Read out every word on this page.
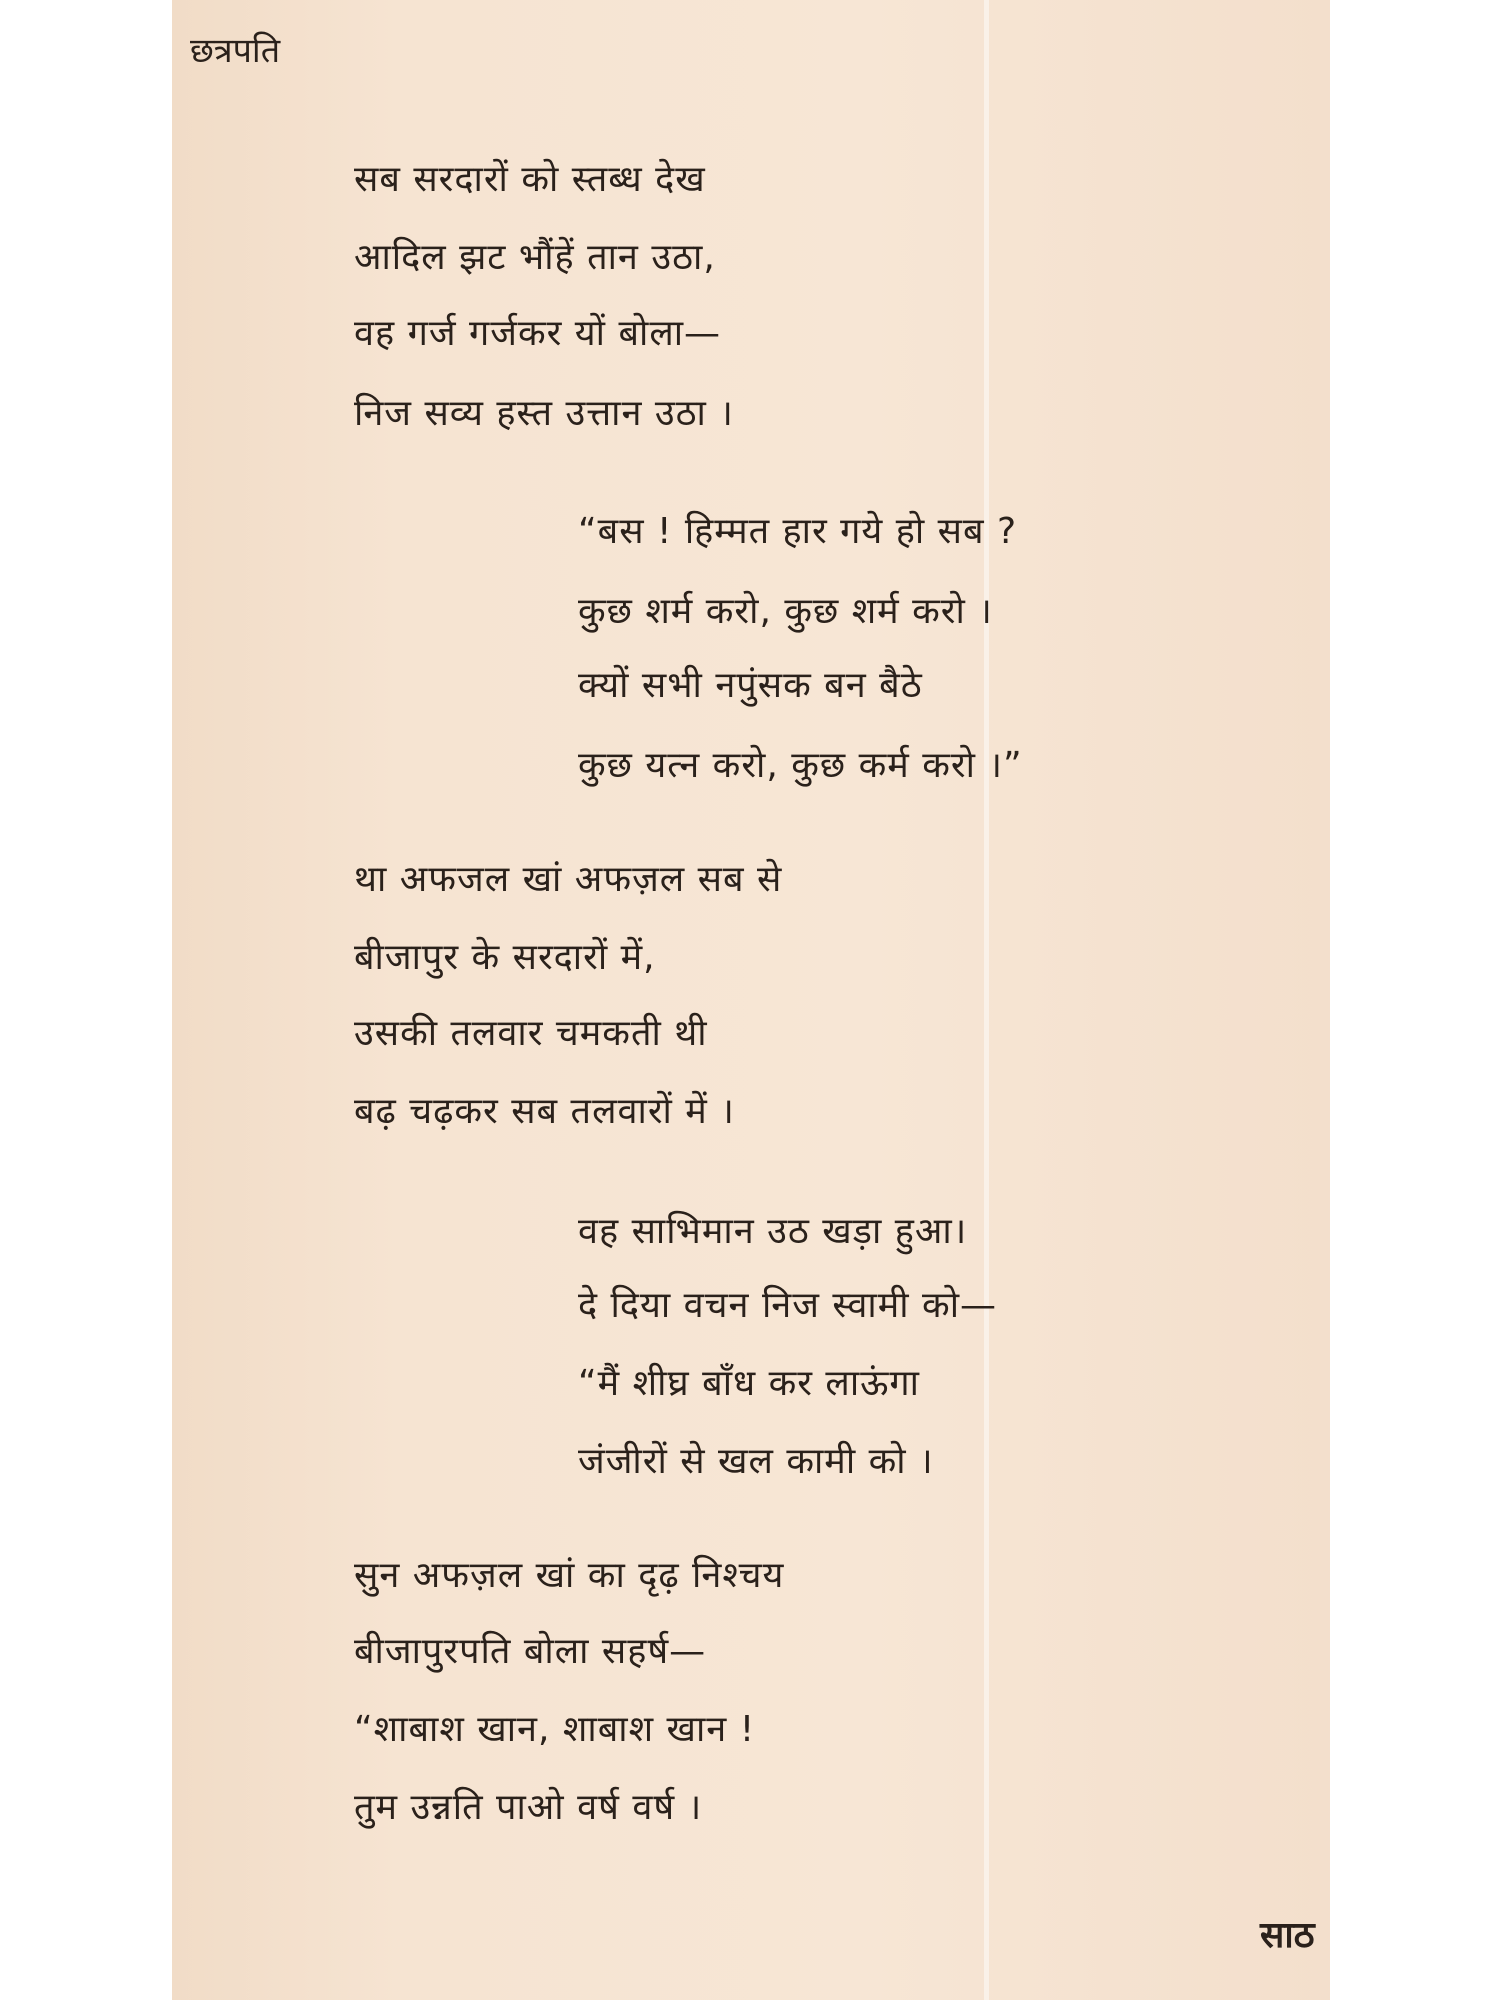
छत्रपति
सब सरदारों को स्तब्ध देख
आदिल झट भौंहें तान उठा,
वह गर्ज गर्जकर यों बोला—
निज सव्य हस्त उत्तान उठा ।
“बस ! हिम्मत हार गये हो सब ?
कुछ शर्म करो, कुछ शर्म करो ।
क्यों सभी नपुंसक बन बैठे
कुछ यत्न करो, कुछ कर्म करो ।”
था अफजल खां अफज़ल सब से
बीजापुर के सरदारों में,
उसकी तलवार चमकती थी
बढ़ चढ़कर सब तलवारों में ।
वह साभिमान उठ खड़ा हुआ।
दे दिया वचन निज स्वामी को—
“मैं शीघ्र बाँध कर लाऊंगा
जंजीरों से खल कामी को ।
सुन अफज़ल खां का दृढ़ निश्चय
बीजापुरपति बोला सहर्ष—
“शाबाश खान, शाबाश खान !
तुम उन्नति पाओ वर्ष वर्ष ।
साठ
